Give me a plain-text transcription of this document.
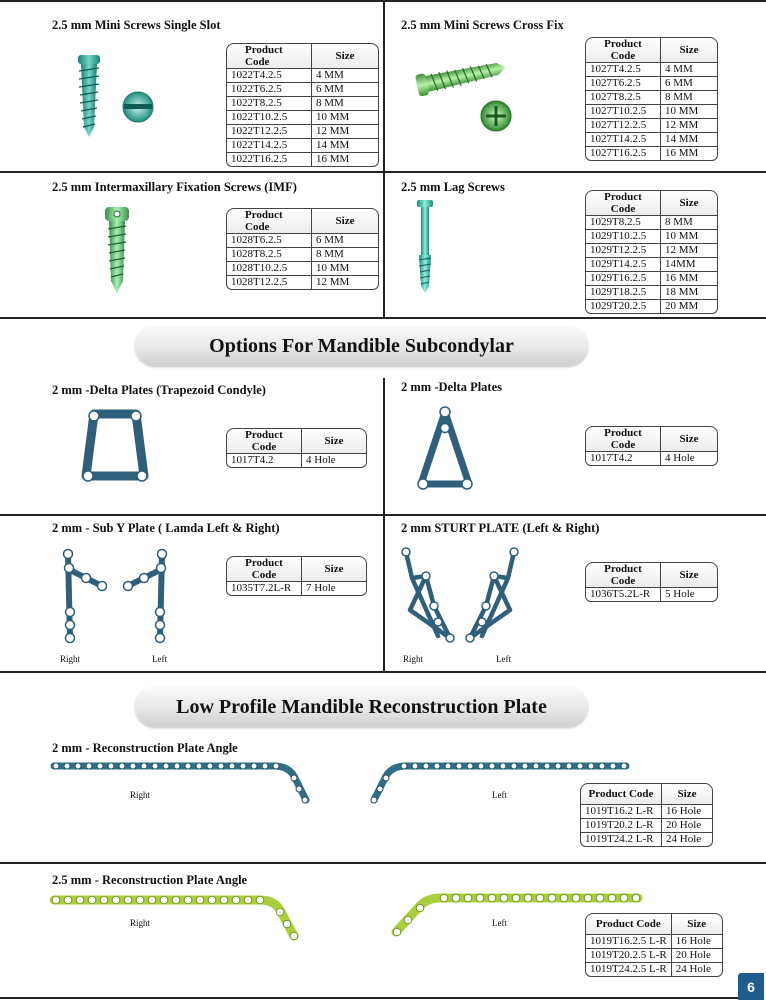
2.5 mm Mini Screws Single Slot
Product Code	Size
1022T4.2.5	4 MM
1022T6.2.5	6 MM
1022T8.2.5	8 MM
1022T10.2.5	10 MM
1022T12.2.5	12 MM
1022T14.2.5	14 MM
1022T16.2.5	16 MM
2.5 mm Mini Screws Cross Fix
Product Code	Size
1027T4.2.5	4 MM
1027T6.2.5	6 MM
1027T8.2.5	8 MM
1027T10.2.5	10 MM
1027T12.2.5	12 MM
1027T14.2.5	14 MM
1027T16.2.5	16 MM
2.5 mm Intermaxillary Fixation Screws (IMF)
Product Code	Size
1028T6.2.5	6 MM
1028T8.2.5	8 MM
1028T10.2.5	10 MM
1028T12.2.5	12 MM
2.5 mm Lag Screws
Product Code	Size
1029T8.2.5	8 MM
1029T10.2.5	10 MM
1029T12.2.5	12 MM
1029T14.2.5	14MM
1029T16.2.5	16 MM
1029T18.2.5	18 MM
1029T20.2.5	20 MM
Options For Mandible Subcondylar
2 mm -Delta Plates (Trapezoid Condyle)
Product Code	Size
1017T4.2	4 Hole
2 mm -Delta Plates
Product Code	Size
1017T4.2	4 Hole
2 mm - Sub Y Plate ( Lamda Left & Right)
Right	Left
Product Code	Size
1035T7.2L-R	7 Hole
2 mm STURT PLATE (Left & Right)
Right	Left
Product Code	Size
1036T5.2L-R	5 Hole
Low Profile Mandible Reconstruction Plate
2 mm - Reconstruction Plate Angle
Right	Left	Product Code	Size
1019T16.2 L-R	16 Hole
1019T20.2 L-R	20 Hole
1019T24.2 L-R	24 Hole
2.5 mm - Reconstruction Plate Angle
Right	Left	Product Code	Size
1019T16.2.5 L-R	16 Hole
1019T20.2.5 L-R	20 Hole
1019T24.2.5 L-R	24 Hole
6
